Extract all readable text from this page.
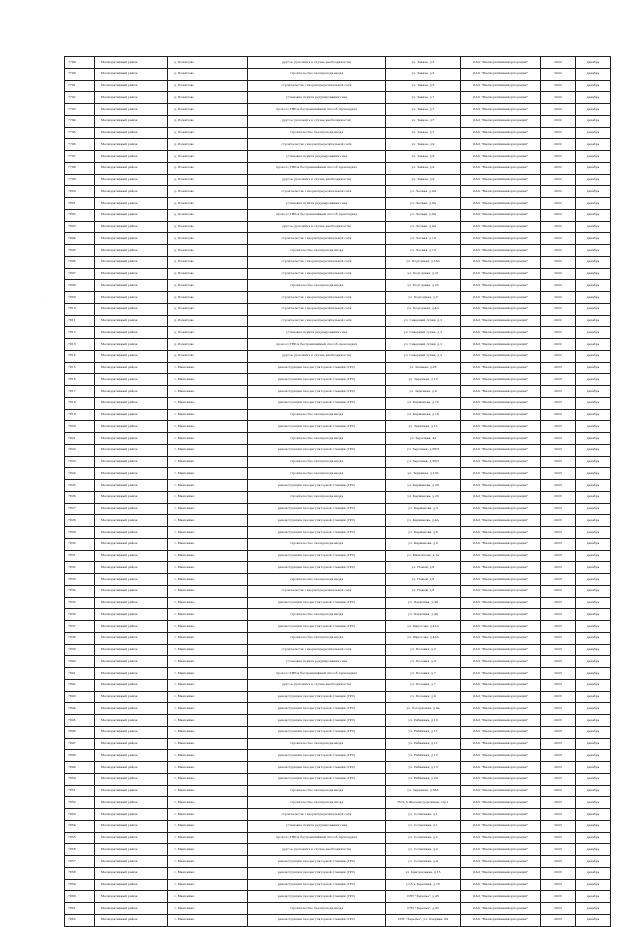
·
7789	Мелиоративный район	д. Пожилово	другое (доложить в случае необходимости)	ул. Заказа, д.5	ОАО "Мелиоративнаякорпорация"	2022	декабрь
7790	Мелиоративный район	д. Пожилово	строительство газопровода-ввода	ул. Заказа, д.5	ОАО "Мелиоративнаякорпорация"	2022	декабрь
7791	Мелиоративный район	д. Пожилово	строительство газораспределительной сети	ул. Заказа, д.5	ОАО "Мелиоративнаякорпорация"	2022	декабрь
7792	Мелиоративный район	д. Пожилово	установка пункта редуцирования газа	ул. Заказа, д.7	ОАО "Мелиоративнаякорпорация"	2022	декабрь
7793	Мелиоративный район	д. Пожилово	прокол (ГНБ и бестраншейный способ прокладки)	ул. Заказа, д.7	ОАО "Мелиоративнаякорпорация"	2022	декабрь
7794	Мелиоративный район	д. Пожилово	другое (доложить в случае необходимости)	ул. Заказа, д.7	ОАО "Мелиоративнаякорпорация"	2022	декабрь
7795	Мелиоративный район	д. Пожилово	строительство газопровода-ввода	ул. Заказа, д.7	ОАО "Мелиоративнаякорпорация"	2022	декабрь
7796	Мелиоративный район	д. Пожилово	строительство газораспределительной сети	ул. Заказа, д.9	ОАО "Мелиоративнаякорпорация"	2022	декабрь
7797	Мелиоративный район	д. Пожилово	установка пункта редуцирования газа	ул. Заказа, д.9	ОАО "Мелиоративнаякорпорация"	2022	декабрь
7798	Мелиоративный район	д. Пожилово	прокол (ГНБ и бестраншейный способ прокладки)	ул. Заказа, д.9	ОАО "Мелиоративнаякорпорация"	2022	декабрь
7799	Мелиоративный район	д. Пожилово	другое (доложить в случае необходимости)	ул. Заказа, д.9	ОАО "Мелиоративнаякорпорация"	2022	декабрь
7800	Мелиоративный район	д. Пожилово	строительство газораспределительной сети	ул. Лесная, д.9А	ОАО "Мелиоративнаякорпорация"	2022	декабрь
7801	Мелиоративный район	д. Пожилово	установка пункта редуцирования газа	ул. Лесная, д.9А	ОАО "Мелиоративнаякорпорация"	2022	декабрь
7802	Мелиоративный район	д. Пожилово	прокол (ГНБ и бестраншейный способ прокладки)	ул. Лесная, д.9А	ОАО "Мелиоративнаякорпорация"	2022	декабрь
7803	Мелиоративный район	д. Пожилово	другое (доложить в случае необходимости)	ул. Лесная, д.9А	ОАО "Мелиоративнаякорпорация"	2022	декабрь
7804	Мелиоративный район	д. Пожилово	строительство газораспределительной сети	ул. Лесная, д.10	ОАО "Мелиоративнаякорпорация"	2022	декабрь
7805	Мелиоративный район	д. Пожилово	строительство газопровода-ввода	ул. Лесная, д.10	ОАО "Мелиоративнаякорпорация"	2022	декабрь
7806	Мелиоративный район	д. Пожилово	строительство газораспределительной сети	ул. Подгорная, д.16А	ОАО "Мелиоративнаякорпорация"	2022	декабрь
7807	Мелиоративный район	д. Пожилово	строительство газораспределительной сети	ул. Подгорная, д.21	ОАО "Мелиоративнаякорпорация"	2022	декабрь
7808	Мелиоративный район	д. Пожилово	строительство газопровода-ввода	ул. Подгорная, д.23	ОАО "Мелиоративнаякорпорация"	2022	декабрь
7809	Мелиоративный район	д. Пожилово	строительство газораспределительной сети	ул. Подгорная, д.3	ОАО "Мелиоративнаякорпорация"	2022	декабрь
7810	Мелиоративный район	д. Пожилово	строительство газораспределительной сети	ул. Подгорная, д.4А	ОАО "Мелиоративнаякорпорация"	2022	декабрь
7811	Мелиоративный район	д. Пожилово	строительство газораспределительной сети	ул. Северный тупик, д.2	ОАО "Мелиоративнаякорпорация"	2022	декабрь
7812	Мелиоративный район	д. Пожилово	установка пункта редуцирования газа	ул. Северный тупик, д.2	ОАО "Мелиоративнаякорпорация"	2022	декабрь
7813	Мелиоративный район	д. Пожилово	прокол (ГНБ и бестраншейный способ прокладки)	ул. Северный тупик, д.2	ОАО "Мелиоративнаякорпорация"	2022	декабрь
7814	Мелиоративный район	д. Пожилово	другое (доложить в случае необходимости)	ул. Северный тупик, д.2	ОАО "Мелиоративнаякорпорация"	2022	декабрь
7815	Мелиоративный район	с. Мамонино	реконструкция газорегуляторной станции (ГРС)	ул. Зеленая, д.26	ОАО "Мелиоративнаякорпорация"	2023	декабрь
7816	Мелиоративный район	с. Мамонино	реконструкция газорегуляторной станции (ГРС)	ул. Заречная, д.10	ОАО "Мелиоративнаякорпорация"	2023	декабрь
7817	Мелиоративный район	с. Мамонино	реконструкция газорегуляторной станции (ГРС)	ул. Заречная, д.9	ОАО "Мелиоративнаякорпорация"	2023	декабрь
7818	Мелиоративный район	с. Мамонино	реконструкция газорегуляторной станции (ГРС)	ул. Карманова, д.10	ОАО "Мелиоративнаякорпорация"	2023	декабрь
7819	Мелиоративный район	с. Мамонино	строительство газопровода-ввода	ул. Карманова, д.18	ОАО "Мелиоративнаякорпорация"	2023	декабрь
7820	Мелиоративный район	с. Мамонино	реконструкция газорегуляторной станции (ГРС)	ул. Заречная, д.12	ОАО "Мелиоративнаякорпорация"	2023	декабрь
7821	Мелиоративный район	с. Мамонино	строительство газопровода-ввода	ул. Заречная, 42	ОАО "Мелиоративнаякорпорация"	2023	декабрь
7822	Мелиоративный район	с. Мамонино	реконструкция газорегуляторной станции (ГРС)	ул. Заречная, д.58/3	ОАО "Мелиоративнаякорпорация"	2023	декабрь
7823	Мелиоративный район	с. Мамонино	строительство газопровода-ввода	ул. Заречная, д.58/3	ОАО "Мелиоративнаякорпорация"	2023	декабрь
7824	Мелиоративный район	с. Мамонино	строительство газопровода-ввода	ул. Заречная, д.102	ОАО "Мелиоративнаякорпорация"	2023	декабрь
7825	Мелиоративный район	с. Мамонино	реконструкция газорегуляторной станции (ГРС)	ул. Карманова, д.20	ОАО "Мелиоративнаякорпорация"	2023	декабрь
7826	Мелиоративный район	с. Мамонино	строительство газопровода-ввода	ул. Карманова, д.20	ОАО "Мелиоративнаякорпорация"	2023	декабрь
7827	Мелиоративный район	с. Мамонино	реконструкция газорегуляторной станции (ГРС)	ул. Карманова, д.3	ОАО "Мелиоративнаякорпорация"	2023	декабрь
7828	Мелиоративный район	с. Мамонино	реконструкция газорегуляторной станции (ГРС)	ул. Карманова, д.4А	ОАО "Мелиоративнаякорпорация"	2023	декабрь
7829	Мелиоративный район	с. Мамонино	реконструкция газорегуляторной станции (ГРС)	ул. Карманова, д.6	ОАО "Мелиоративнаякорпорация"	2023	декабрь
7830	Мелиоративный район	с. Мамонино	строительство газопровода-ввода	ул. Карманова, д.6	ОАО "Мелиоративнаякорпорация"	2023	декабрь
7831	Мелиоративный район	с. Мамонино	реконструкция газорегуляторной станции (ГРС)	ул. Мамонтова, д.1а	ОАО "Мелиоративнаякорпорация"	2023	декабрь
7832	Мелиоративный район	с. Мамонино	реконструкция газорегуляторной станции (ГРС)	ул. Новый, д.8	ОАО "Мелиоративнаякорпорация"	2023	декабрь
7833	Мелиоративный район	с. Мамонино	строительство газопровода-ввода	ул. Новый, д.8	ОАО "Мелиоративнаякорпорация"	2023	декабрь
7834	Мелиоративный район	с. Мамонино	строительство газораспределительной сети	ул. Новый, д.8	ОАО "Мелиоративнаякорпорация"	2023	декабрь
7835	Мелиоративный район	с. Мамонино	реконструкция газорегуляторной станции (ГРС)	ул. Первомая, д.40	ОАО "Мелиоративнаякорпорация"	2023	декабрь
7836	Мелиоративный район	с. Мамонино	строительство газопровода-ввода	ул. Первомая, д.40	ОАО "Мелиоративнаякорпорация"	2023	декабрь
7837	Мелиоративный район	с. Мамонино	реконструкция газорегуляторной станции (ГРС)	ул. Пирогова, д.42А	ОАО "Мелиоративнаякорпорация"	2023	декабрь
7838	Мелиоративный район	с. Мамонино	строительство газопровода-ввода	ул. Пирогова, д.42А	ОАО "Мелиоративнаякорпорация"	2023	декабрь
7839	Мелиоративный район	с. Мамонино	строительство газораспределительной сети	ул. Полевая, д.3	ОАО "Мелиоративнаякорпорация"	2023	декабрь
7840	Мелиоративный район	с. Мамонино	установка пункта редуцирования газа	ул. Полевая, д.3	ОАО "Мелиоративнаякорпорация"	2023	декабрь
7841	Мелиоративный район	с. Мамонино	прокол (ГНБ и бестраншейный способ прокладки)	ул. Полевая, д.7	ОАО "Мелиоративнаякорпорация"	2023	декабрь
7842	Мелиоративный район	с. Мамонино	другое (доложить в случае необходимости)	ул. Полевая, д.7	ОАО "Мелиоративнаякорпорация"	2023	декабрь
7843	Мелиоративный район	с. Мамонино	реконструкция газорегуляторной станции (ГРС)	ул. Полевая, д.9	ОАО "Мелиоративнаякорпорация"	2023	декабрь
7844	Мелиоративный район	с. Мамонино	реконструкция газорегуляторной станции (ГРС)	ул. Рогоджская, д.4а	ОАО "Мелиоративнаякорпорация"	2023	декабрь
7845	Мелиоративный район	с. Мамонино	реконструкция газорегуляторной станции (ГРС)	ул. Рябинная, д.10	ОАО "Мелиоративнаякорпорация"	2023	декабрь
7846	Мелиоративный район	с. Мамонино	реконструкция газорегуляторной станции (ГРС)	ул. Рябинная, д.11	ОАО "Мелиоративнаякорпорация"	2023	декабрь
7847	Мелиоративный район	с. Мамонино	строительство газопровода-ввода	ул. Рябинная, д.11	ОАО "Мелиоративнаякорпорация"	2023	декабрь
7848	Мелиоративный район	с. Мамонино	реконструкция газорегуляторной станции (ГРС)	ул. Рябинная, д.12	ОАО "Мелиоративнаякорпорация"	2023	декабрь
7849	Мелиоративный район	с. Мамонино	реконструкция газорегуляторной станции (ГРС)	ул. Рябинная, д.13	ОАО "Мелиоративнаякорпорация"	2023	декабрь
7850	Мелиоративный район	с. Мамонино	реконструкция газорегуляторной станции (ГРС)	ул. Рябинная, д.20	ОАО "Мелиоративнаякорпорация"	2023	декабрь
7851	Мелиоративный район	с. Мамонино	строительство газопровода-ввода	ул. Заречная, д.58А	ОАО "Мелиоративнаякорпорация"	2023	декабрь
7852	Мелиоративный район	с. Мамонино	строительство газопровода-ввода	ТУП. 5 Железнодорожная, стр.1	ОАО "Мелиоративнаякорпорация"	2023	декабрь
7853	Мелиоративный район	с. Мамонино	строительство газораспределительной сети	ул. Солнечная, д.1	ОАО "Мелиоративнаякорпорация"	2023	декабрь
7854	Мелиоративный район	с. Мамонино	установка пункта редуцирования газа	ул. Солнечная, д.1	ОАО "Мелиоративнаякорпорация"	2023	декабрь
7855	Мелиоративный район	с. Мамонино	прокол (ГНБ и бестраншейный способ прокладки)	ул. Солнечная, д.2	ОАО "Мелиоративнаякорпорация"	2023	декабрь
7856	Мелиоративный район	с. Мамонино	другое (доложить в случае необходимости)	ул. Солнечная, д.2	ОАО "Мелиоративнаякорпорация"	2023	декабрь
7857	Мелиоративный район	с. Мамонино	реконструкция газорегуляторной станции (ГРС)	ул. Солнечная, д.4	ОАО "Мелиоративнаякорпорация"	2023	декабрь
7858	Мелиоративный район	с. Мамонино	реконструкция газорегуляторной станции (ГРС)	ул. Центральная, д.15	ОАО "Мелиоративнаякорпорация"	2023	декабрь
7859	Мелиоративный район	с. Мамонино	реконструкция газорегуляторной станции (ГРС)	ул.5 в Заречная, д.16	ОАО "Мелиоративнаякорпорация"	2023	декабрь
7860	Мелиоративный район	с. Мамонино	реконструкция газорегуляторной станции (ГРС)	СНТ "Заречье", д.45	ОАО "Мелиоративнаякорпорация"	2023	декабрь
7861	Мелиоративный район	с. Мамонино	строительство газопровода-ввода	СНТ "Заречье", д.45	ОАО "Мелиоративнаякорпорация"	2023	декабрь
7862	Мелиоративный район	с. Мамонино	реконструкция газорегуляторной станции (ГРС)	СНТ "Заречье", ул. Озерная, 64	ОАО "Мелиоративнаякорпорация"	2023	декабрь
